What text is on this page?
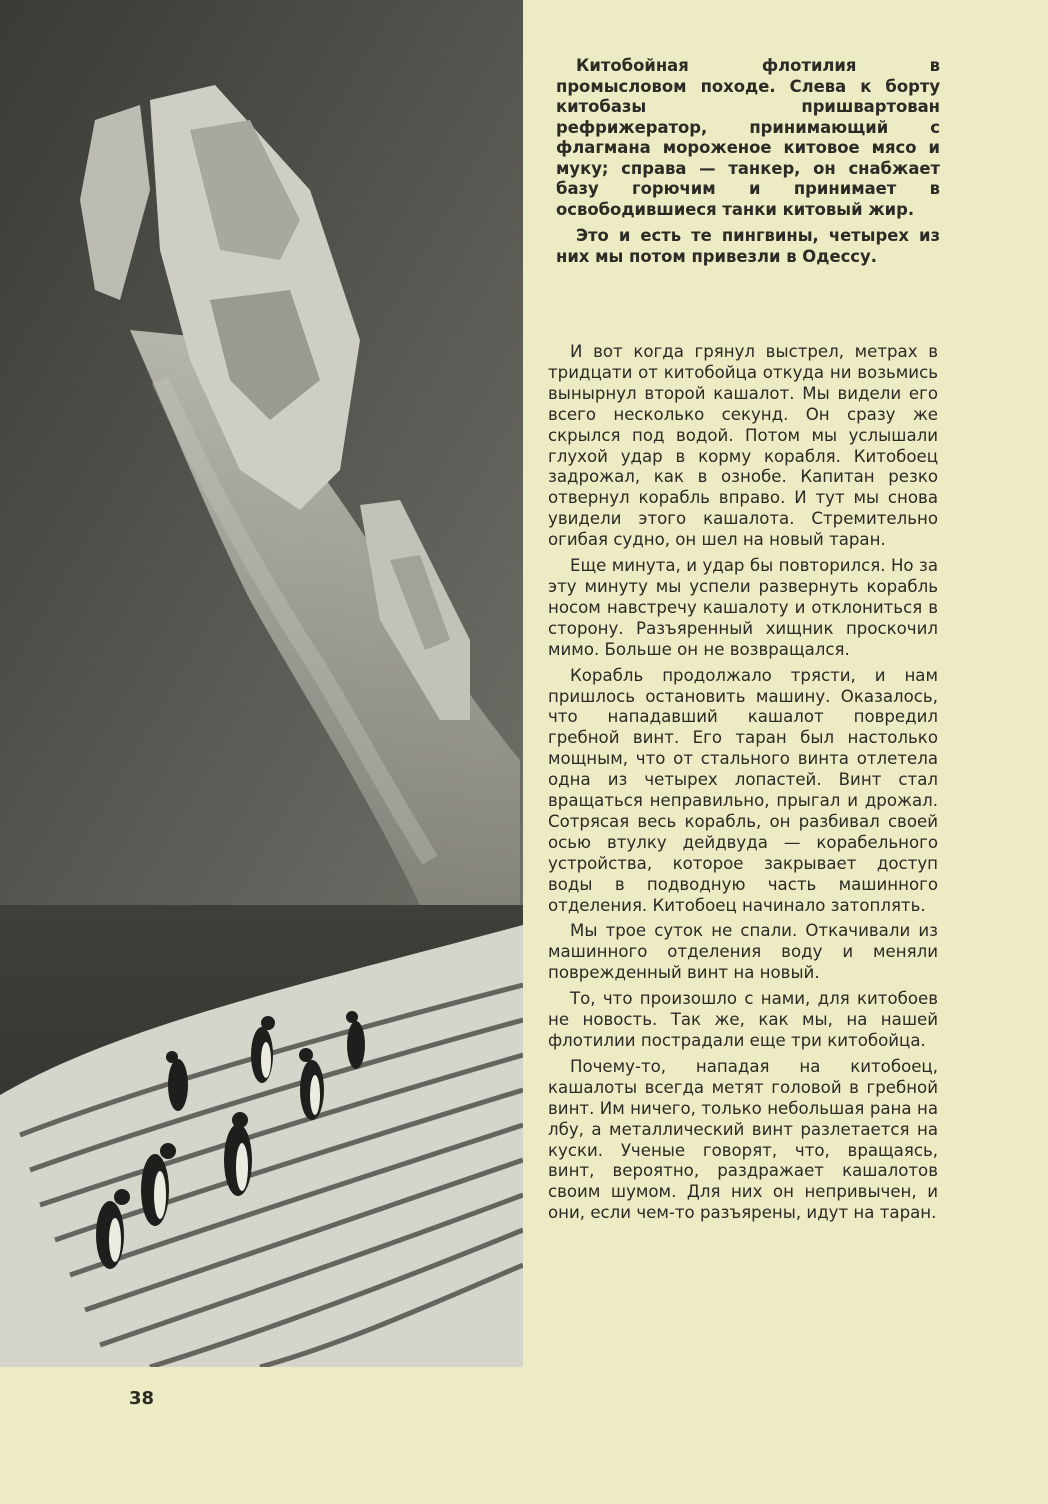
Китобойная флотилия в промысловом походе. Слева к борту китобазы пришвартован рефрижератор, принимающий с флагмана мороженое китовое мясо и муку; справа — танкер, он снабжает базу горючим и принимает в освободившиеся танки китовый жир.

Это и есть те пингвины, четырех из них мы потом привезли в Одессу.

И вот когда грянул выстрел, метрах в тридцати от китобойца откуда ни возьмись вынырнул второй кашалот. Мы видели его всего несколько секунд. Он сразу же скрылся под водой. Потом мы услышали глухой удар в корму корабля. Китобоец задрожал, как в ознобе. Капитан резко отвернул корабль вправо. И тут мы снова увидели этого кашалота. Стремительно огибая судно, он шел на новый таран.

Еще минута, и удар бы повторился. Но за эту минуту мы успели развернуть корабль носом навстречу кашалоту и отклониться в сторону. Разъяренный хищник проскочил мимо. Больше он не возвращался.

Корабль продолжало трясти, и нам пришлось остановить машину. Оказалось, что нападавший кашалот повредил гребной винт. Его таран был настолько мощным, что от стального винта отлетела одна из четырех лопастей. Винт стал вращаться неправильно, прыгал и дрожал. Сотрясая весь корабль, он разбивал своей осью втулку дейдвуда — корабельного устройства, которое закрывает доступ воды в подводную часть машинного отделения. Китобоец начинало затоплять.

Мы трое суток не спали. Откачивали из машинного отделения воду и меняли поврежденный винт на новый.

То, что произошло с нами, для китобоев не новость. Так же, как мы, на нашей флотилии пострадали еще три китобойца.

Почему-то, нападая на китобоец, кашалоты всегда метят головой в гребной винт. Им ничего, только небольшая рана на лбу, а металлический винт разлетается на куски. Ученые говорят, что, вращаясь, винт, вероятно, раздражает кашалотов своим шумом. Для них он непривычен, и они, если чем-то разъярены, идут на таран.

38
